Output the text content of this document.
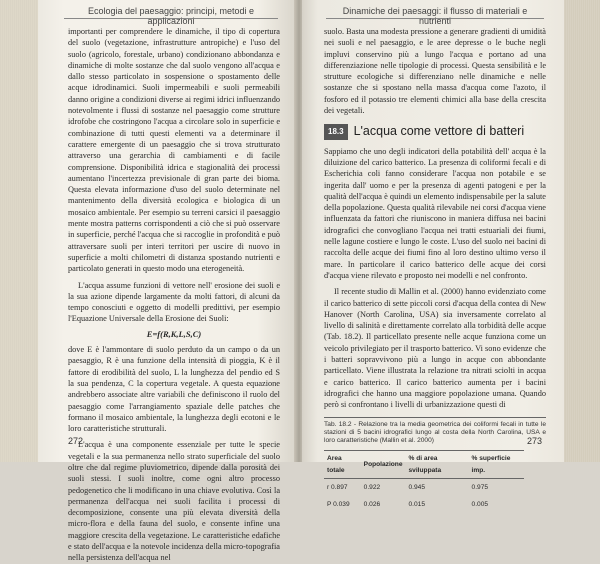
Ecologia del paesaggio: principi, metodi e applicazioni

importanti per comprendere le dinamiche, il tipo di copertura del suolo (vegetazione, infrastrutture antropiche) e l'uso del suolo (agricolo, forestale, urbano) condizionano abbondanza e dinamiche di molte sostanze che dal suolo vengono all'acqua e dallo stesso particolato in sospensione o spostamento delle acque idrodinamici. Suoli impermeabili e suoli permeabili danno origine a condizioni diverse ai regimi idrici influenzando notevolmente i flussi di sostanze nel paesaggio come strutture idrofobe che costringono l'acqua a circolare solo in superficie e combinazione di tutti questi elementi va a determinare il carattere emergente di un paesaggio che si trova strutturato attraverso una gerarchia di cambiamenti e di facile comprensione. Disponibilità idrica e stagionalità dei processi aumentano l'incertezza previsionale di gran parte dei bioma. Questa elevata informazione d'uso del suolo determinate nel mantenimento della diversità ecologica e biologica di un mosaico ambientale. Per esempio su terreni carsici il paesaggio mente mostra patterns corrispondenti a ciò che si può osservare in superficie, perché l'acqua che si raccoglie in profondità e può attraversare suoli per interi territori per uscire di nuovo in superficie a molti chilometri di distanza spostando nutrienti e particolato generati in questo modo una eterogeneità.

L'acqua assume funzioni di vettore nell' erosione dei suoli e la sua azione dipende largamente da molti fattori, di alcuni da tempo conosciuti e oggetto di modelli predittivi, per esempio l'Equazione Universale della Erosione dei Suoli:

E=f(R,K,L,S,C)

dove E è l'ammontare di suolo perduto da un campo o da un paesaggio, R è una funzione della intensità di pioggia, K è il fattore di erodibilità del suolo, L la lunghezza del pendio ed S la sua pendenza, C la copertura vegetale. A questa equazione andrebbero associate altre variabili che definiscono il ruolo del paesaggio come l'arrangiamento spaziale delle patches che formano il mosaico ambientale, la lunghezza degli ecotoni e le loro caratteristiche strutturali.

L'acqua è una componente essenziale per tutte le specie vegetali e la sua permanenza nello strato superficiale del suolo oltre che dal regime pluviometrico, dipende dalla porosità dei suoli stessi. I suoli inoltre, come ogni altro processo pedogenetico che li modificano in una chiave evolutiva. Così la permanenza dell'acqua nei suoli facilita i processi di decomposizione, consente una più elevata diversità della micro-flora e della fauna del suolo, e consente infine una maggiore crescita della vegetazione. Le caratteristiche edafiche e stato dell'acqua e la notevole incidenza della micro-topografia nella persistenza dell'acqua nel

272
Dinamiche dei paesaggi: il flusso di materiali e nutrienti

suolo. Basta una modesta pressione a generare gradienti di umidità nei suoli e nel paesaggio, e le aree depresse o le buche negli impluvi conservino più a lungo l'acqua e portano ad una differenziazione nelle tipologie di processi. Questa sensibilità e le strutture ecologiche si differenziano nelle dinamiche e nelle sostanze che si spostano nella massa d'acqua come l'azoto, il fosforo ed il potassio tre elementi chimici alla base della crescita dei vegetali.

18.3 L'acqua come vettore di batteri

Sappiamo che uno degli indicatori della potabilità dell' acqua è la diluizione del carico batterico. La presenza di coliformi fecali e di Escherichia coli fanno considerare l'acqua non potabile e se ingerita dall' uomo e per la presenza di agenti patogeni e per la qualità dell'acqua è quindi un elemento indispensabile per la salute della popolazione. Questa qualità rilevabile nei corsi d'acqua viene influenzata da fattori che riuniscono in maniera diffusa nei bacini idrografici che convogliano l'acqua nei tratti estuariali dei fiumi, nelle lagune costiere e lungo le coste. L'uso del suolo nei bacini di raccolta delle acque dei fiumi fino al loro destino ultimo verso il mare. In particolare il carico batterico delle acque dei corsi d'acqua viene rilevato e proposto nei modelli e nel confronto.

Il recente studio di Mallin et al. (2000) hanno evidenziato come il carico batterico di sette piccoli corsi d'acqua della contea di New Hanover (North Carolina, USA) sia inversamente correlato al livello di salinità e direttamente correlato alla torbidità delle acque (Tab. 18.2). Il particellato presente nelle acque funziona come un veicolo privilegiato per il trasporto batterico. Vi sono evidenze che i batteri sopravvivono più a lungo in acque con abbondante particellato. Viene illustrata la relazione tra nitrati sciolti in acqua e carico batterico. Il carico batterico aumenta per i bacini idrografici che hanno una maggiore popolazione umana. Quando però si confrontano i livelli di urbanizzazione questi di

Tab. 18.2 - Relazione tra la media geometrica dei coliformi fecali in tutte le stazioni di 5 bacini idrografici lungo al costa della North Carolina, USA e loro caratteristiche (Mallin et al. 2000)
Area totale	Popolazione	% di area sviluppata	% superficie imp.
r 0.897	0.922	0.945	0.975
P 0.039	0.026	0.015	0.005
273
